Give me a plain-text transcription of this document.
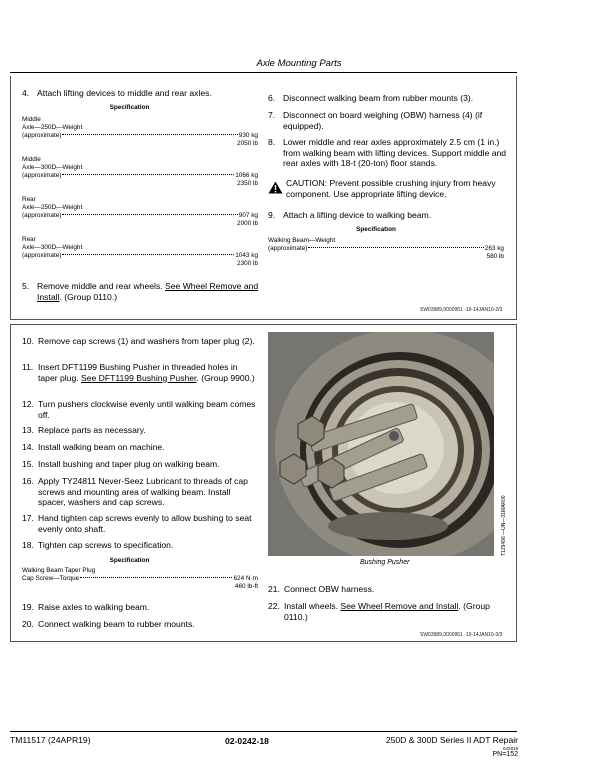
Axle Mounting Parts
4. Attach lifting devices to middle and rear axles.
Specification
Middle
Axle—250D—Weight
(approximate)	930 kg
2050 lb
Middle
Axle—300D—Weight
(approximate)	1066 kg
2350 lb
Rear
Axle—250D—Weight
(approximate)	907 kg
2000 lb
Rear
Axle—300D—Weight
(approximate)	1043 kg
2300 lb
5. Remove middle and rear wheels. See Wheel Remove and Install. (Group 0110.)
6. Disconnect walking beam from rubber mounts (3).
7. Disconnect on board weighing (OBW) harness (4) (if equipped).
8. Lower middle and rear axles approximately 2.5 cm (1 in.) from walking beam with lifting devices. Support middle and rear axles with 18-t (20-ton) floor stands.
CAUTION: Prevent possible crushing injury from heavy component. Use appropriate lifting device.
9. Attach a lifting device to walking beam.
Specification
Walking Beam—Weight
(approximate)	263 kg
580 lb
SW03989,0000951 -19-14JAN10-2/3
10. Remove cap screws (1) and washers from taper plug (2).
11. Insert DFT1199 Bushing Pusher in threaded holes in taper plug. See DFT1199 Bushing Pusher. (Group 9900.)
12. Turn pushers clockwise evenly until walking beam comes off.
13. Replace parts as necessary.
14. Install walking beam on machine.
15. Install bushing and taper plug on walking beam.
16. Apply TY24811 Never-Seez Lubricant to threads of cap screws and mounting area of walking beam. Install spacer, washers and cap screws.
17. Hand tighten cap screws evenly to allow bushing to seat evenly onto shaft.
18. Tighten cap screws to specification.
Specification
Walking Beam Taper Plug
Cap Screw—Torque	624 N·m
460 lb-ft
19. Raise axles to walking beam.
20. Connect walking beam to rubber mounts.
Bushing Pusher
T129496 —UN—31MAR00
21. Connect OBW harness.
22. Install wheels. See Wheel Remove and Install. (Group 0110.)
SW03989,0000951 -19-14JAN10-3/3
TM11517 (24APR19)	02-0242-18	250D & 300D Series II ADT Repair
042819
PN=152
